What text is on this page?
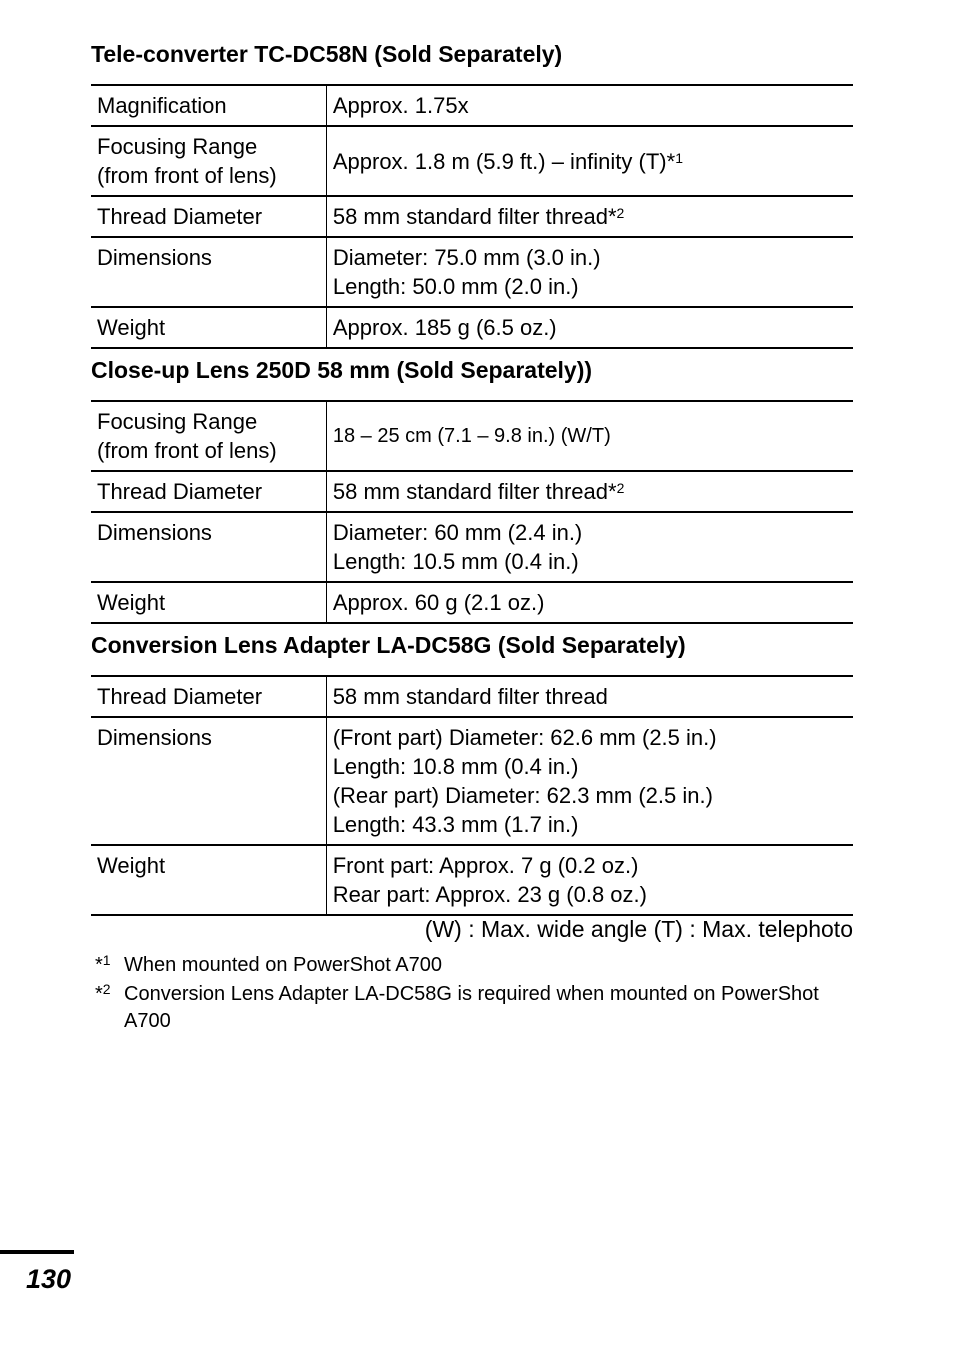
Tele-converter TC-DC58N (Sold Separately)
Magnification	Approx. 1.75x

Focusing Range
(from front of lens)	Approx. 1.8 m (5.9 ft.) – infinity (T)*$^1$

Thread Diameter	58 mm standard filter thread*$^2$

Dimensions	Diameter: 75.0 mm (3.0 in.)
Length: 50.0 mm (2.0 in.)

Weight	Approx. 185 g (6.5 oz.)
Close-up Lens 250D 58 mm (Sold Separately))
Focusing Range
(from front of lens)	18 – 25 cm (7.1 – 9.8 in.) (W/T)

Thread Diameter	58 mm standard filter thread*$^2$

Dimensions	Diameter: 60 mm (2.4 in.)
Length: 10.5 mm (0.4 in.)

Weight	Approx. 60 g (2.1 oz.)
Conversion Lens Adapter LA-DC58G (Sold Separately)
Thread Diameter	58 mm standard filter thread

Dimensions	(Front part) Diameter: 62.6 mm (2.5 in.)
Length: 10.8 mm (0.4 in.)
(Rear part) Diameter: 62.3 mm (2.5 in.)
Length: 43.3 mm (1.7 in.)

Weight	Front part: Approx. 7 g (0.2 oz.)
Rear part: Approx. 23 g (0.8 oz.)
(W) : Max. wide angle (T) : Max. telephoto
*$^1$ When mounted on PowerShot A700
*$^2$ Conversion Lens Adapter LA-DC58G is required when mounted on PowerShot A700
130
